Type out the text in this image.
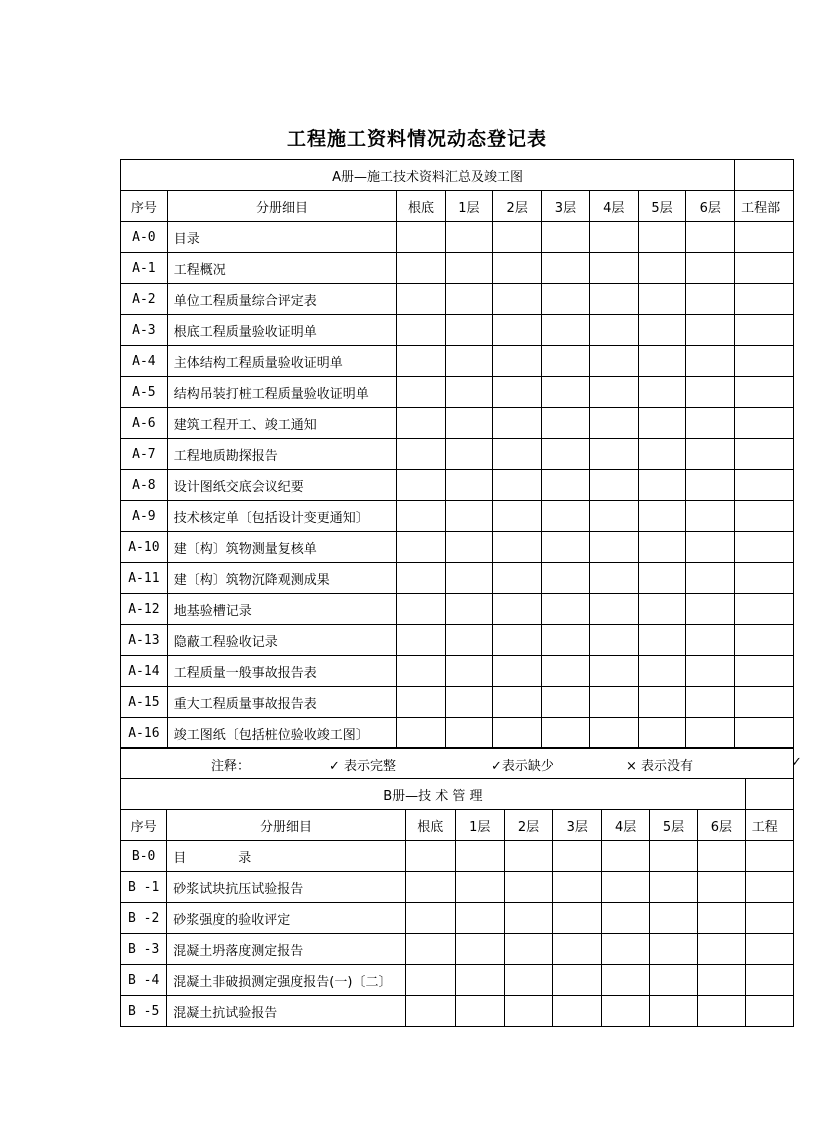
工程施工资料情况动态登记表
A册—施工技术资料汇总及竣工图									
序号	分册细目	根底	1层	2层	3层	4层	5层	6层	工程部
A-0	目录								
A-1	工程概况								
A-2	单位工程质量综合评定表								
A-3	根底工程质量验收证明单								
A-4	主体结构工程质量验收证明单								
A-5	结构吊装打桩工程质量验收证明单								
A-6	建筑工程开工、竣工通知								
A-7	工程地质勘探报告								
A-8	设计图纸交底会议纪要								
A-9	技术核定单〔包括设计变更通知〕								
A-10	建〔构〕筑物测量复核单								
A-11	建〔构〕筑物沉降观测成果								
A-12	地基验槽记录								
A-13	隐蔽工程验收记录								
A-14	工程质量一般事故报告表								
A-15	重大工程质量事故报告表								
A-16	竣工图纸〔包括桩位验收竣工图〕								
注释：	✓ 表示完整	✓表示缺少	× 表示没有	✓
B册—技 术 管 理									
序号	分册细目	根底	1层	2层	3层	4层	5层	6层	工程
B-0	目　　　　录								
B -1	砂浆试块抗压试验报告								
B -2	砂浆强度的验收评定								
B -3	混凝土坍落度测定报告								
B -4	混凝土非破损测定强度报告(一)〔二〕								
B -5	混凝土抗试验报告								
